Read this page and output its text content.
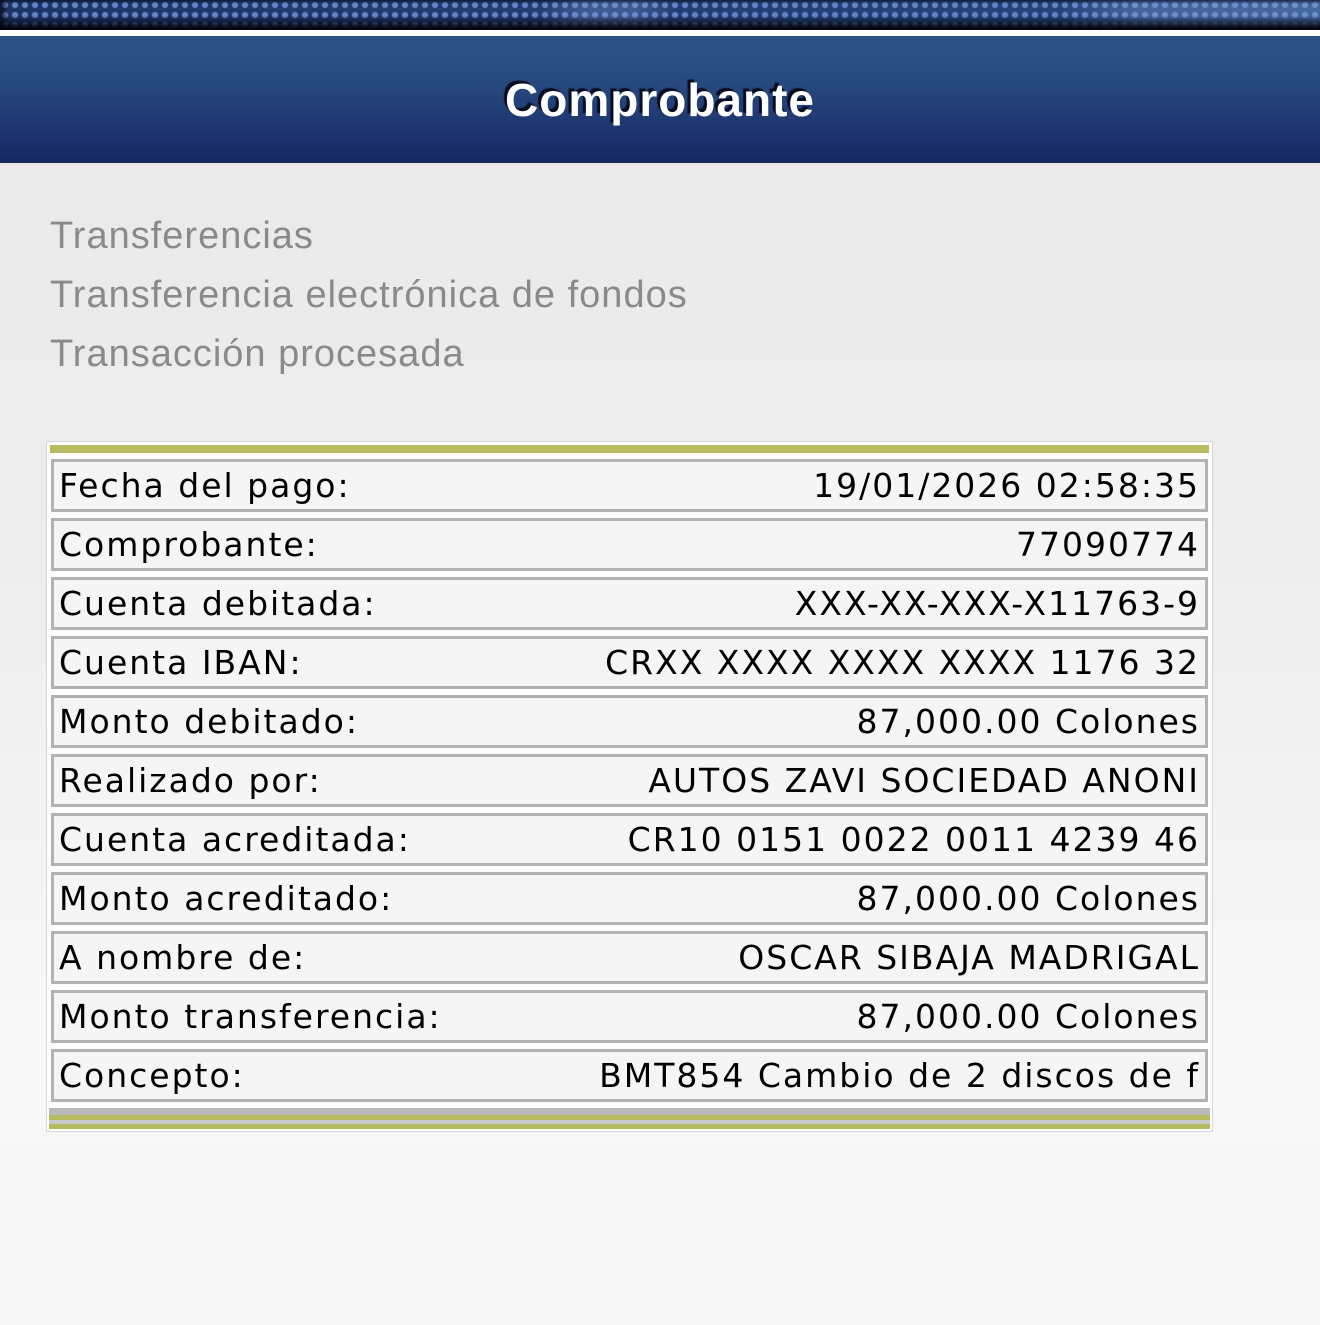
Comprobante
Transferencias
Transferencia electrónica de fondos
Transacción procesada
Fecha del pago:	19/01/2026 02:58:35
Comprobante:	77090774
Cuenta debitada:	XXX-XX-XXX-X11763-9
Cuenta IBAN:	CRXX XXXX XXXX XXXX 1176 32
Monto debitado:	87,000.00 Colones
Realizado por:	AUTOS ZAVI SOCIEDAD ANONI
Cuenta acreditada:	CR10 0151 0022 0011 4239 46
Monto acreditado:	87,000.00 Colones
A nombre de:	OSCAR SIBAJA MADRIGAL
Monto transferencia:	87,000.00 Colones
Concepto:	BMT854 Cambio de 2 discos de f
